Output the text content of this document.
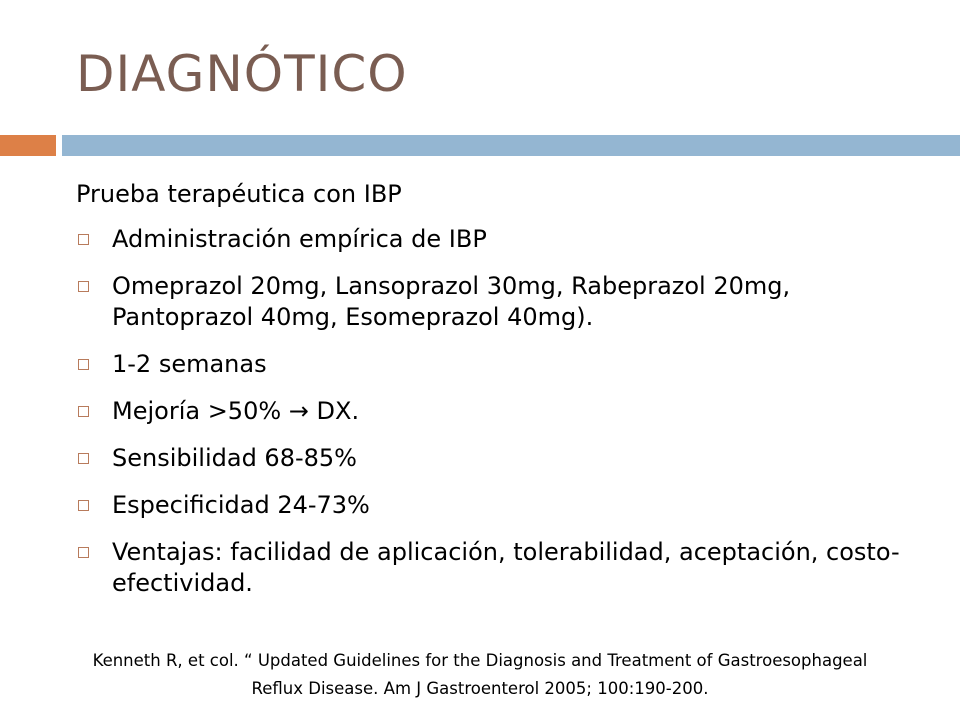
DIAGNÓTICO
Prueba terapéutica con IBP
Administración empírica de IBP
Omeprazol 20mg, Lansoprazol 30mg, Rabeprazol 20mg, Pantoprazol 40mg, Esomeprazol 40mg).
1-2 semanas
Mejoría >50% → DX.
Sensibilidad 68-85%
Especificidad 24-73%
Ventajas: facilidad de aplicación, tolerabilidad, aceptación, costo-efectividad.
Kenneth R, et col. “ Updated Guidelines for the Diagnosis and Treatment of Gastroesophageal
Reflux Disease. Am J Gastroenterol 2005; 100:190-200.
